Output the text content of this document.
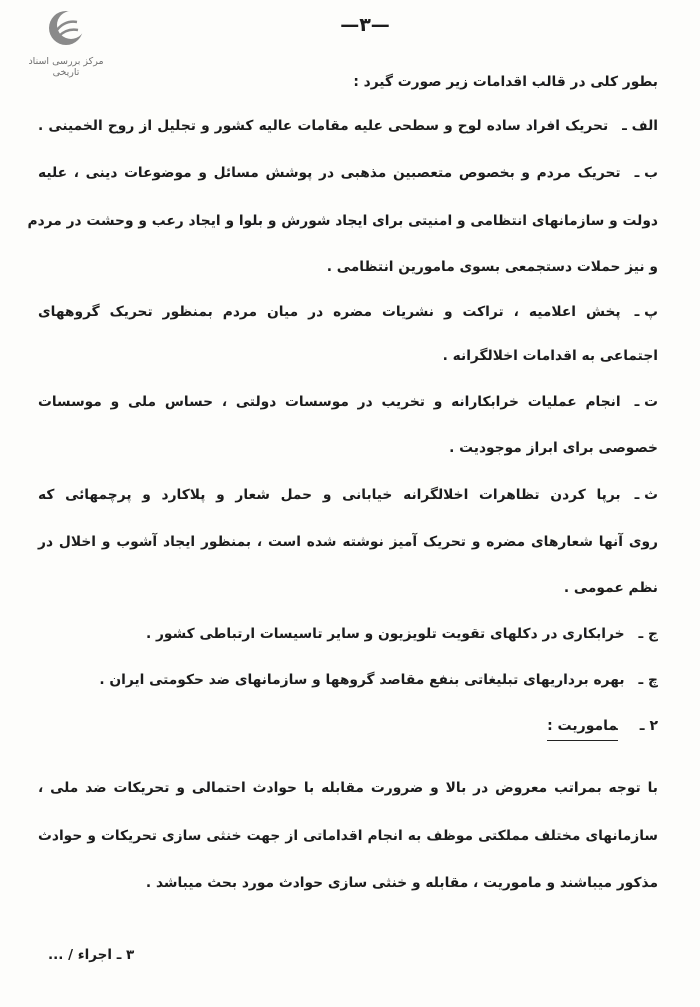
مرکز بررسی اسناد تاریخی
—۳—
بطور کلی در قالب اقدامات زیر صورت گیرد :
الف ـتحریک افراد ساده لوح و سطحی علیه مقامات عالیه کشور و تجلیل از روح الخمینی .
ب ـتحریک مردم و بخصوص متعصبین مذهبی در پوشش مسائل و موضوعات دینی ، علیه
دولت و سازمانهای انتظامی و امنیتی برای ایجاد شورش و بلوا و ایجاد رعب و وحشت در مردم
و نیز حملات دستجمعی بسوی مامورین انتظامی .
پ ـپخش اعلامیه ، تراکت و نشریات مضره در میان مردم بمنظور تحریک گروههای
اجتماعی به اقدامات اخلالگرانه .
ت ـانجام عملیات خرابکارانه و تخریب در موسسات دولتی ، حساس ملی و موسسات
خصوصی برای ابراز موجودیت .
ث ـبرپا کردن تظاهرات اخلالگرانه خیابانی و حمل شعار و پلاکارد و پرچمهائی که
روی آنها شعارهای مضره و تحریک آمیز نوشته شده است ، بمنظور ایجاد آشوب و اخلال در
نظم عمومی .
ج ـخرابکاری در دکلهای تقویت تلویزیون و سایر تاسیسات ارتباطی کشور .
چ ـبهره برداریهای تبلیغاتی بنفع مقاصد گروهها و سازمانهای ضد حکومتی ایران .
۲ ـماموریت :
با توجه بمراتب معروض در بالا و ضرورت مقابله با حوادث احتمالی و تحریکات ضد ملی ،
سازمانهای مختلف مملکتی موظف به انجام اقداماتی از جهت خنثی سازی تحریکات و حوادث
مذکور میباشند و ماموریت ، مقابله و خنثی سازی حوادث مورد بحث میباشد .
۳ ـ اجراء / ...
